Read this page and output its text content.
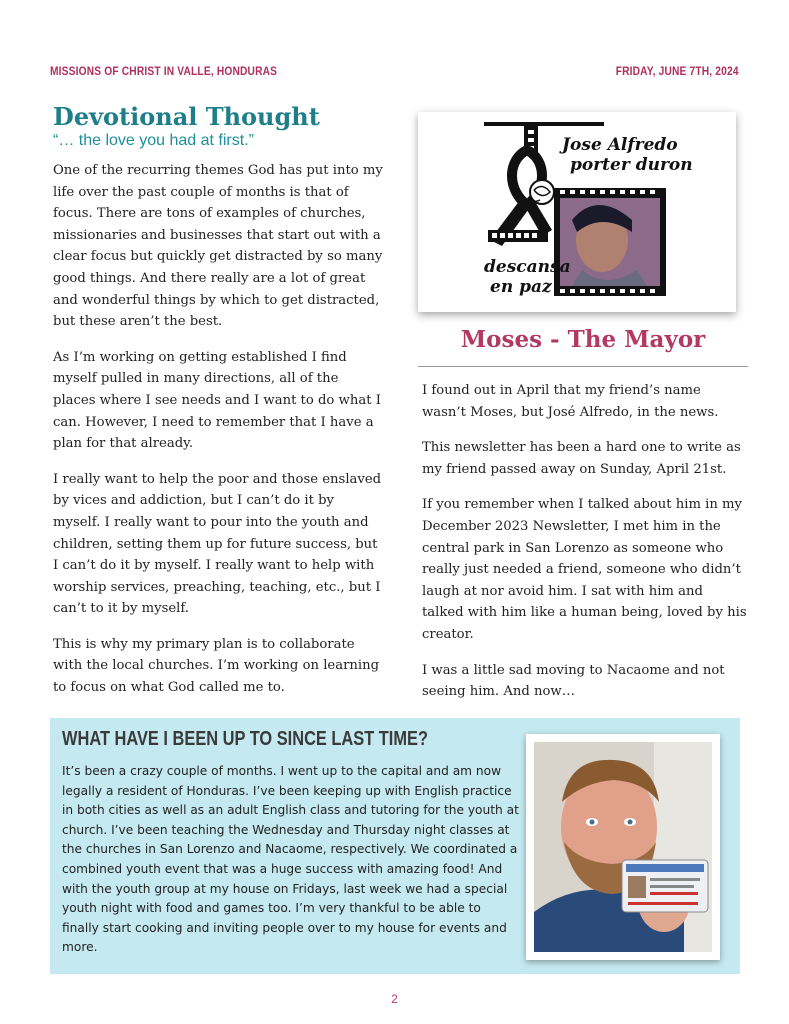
MISSIONS OF CHRIST IN VALLE, HONDURAS	FRIDAY, JUNE 7TH, 2024
Devotional Thought
“… the love you had at first.”

One of the recurring themes God has put into my life over the past couple of months is that of focus. There are tons of examples of churches, missionaries and businesses that start out with a clear focus but quickly get distracted by so many good things. And there really are a lot of great and wonderful things by which to get distracted, but these aren’t the best.

As I’m working on getting established I find myself pulled in many directions, all of the places where I see needs and I want to do what I can. However, I need to remember that I have a plan for that already.

I really want to help the poor and those enslaved by vices and addiction, but I can’t do it by myself. I really want to pour into the youth and children, setting them up for future success, but I can’t do it by myself. I really want to help with worship services, preaching, teaching, etc., but I can’t to it by myself.

This is why my primary plan is to collaborate with the local churches. I’m working on learning to focus on what God called me to.

Jose Alfredo
porter duron
descansa
en paz
Moses - The Mayor

I found out in April that my friend’s name wasn’t Moses, but José Alfredo, in the news.

This newsletter has been a hard one to write as my friend passed away on Sunday, April 21st.

If you remember when I talked about him in my December 2023 Newsletter, I met him in the central park in San Lorenzo as someone who really just needed a friend, someone who didn’t laugh at nor avoid him. I sat with him and talked with him like a human being, loved by his creator.

I was a little sad moving to Nacaome and not seeing him. And now…

WHAT HAVE I BEEN UP TO SINCE LAST TIME?

It’s been a crazy couple of months. I went up to the capital and am now legally a resident of Honduras. I’ve been keeping up with English practice in both cities as well as an adult English class and tutoring for the youth at church. I’ve been teaching the Wednesday and Thursday night classes at the churches in San Lorenzo and Nacaome, respectively. We coordinated a combined youth event that was a huge success with amazing food! And with the youth group at my house on Fridays, last week we had a special youth night with food and games too. I’m very thankful to be able to finally start cooking and inviting people over to my house for events and more.

2
